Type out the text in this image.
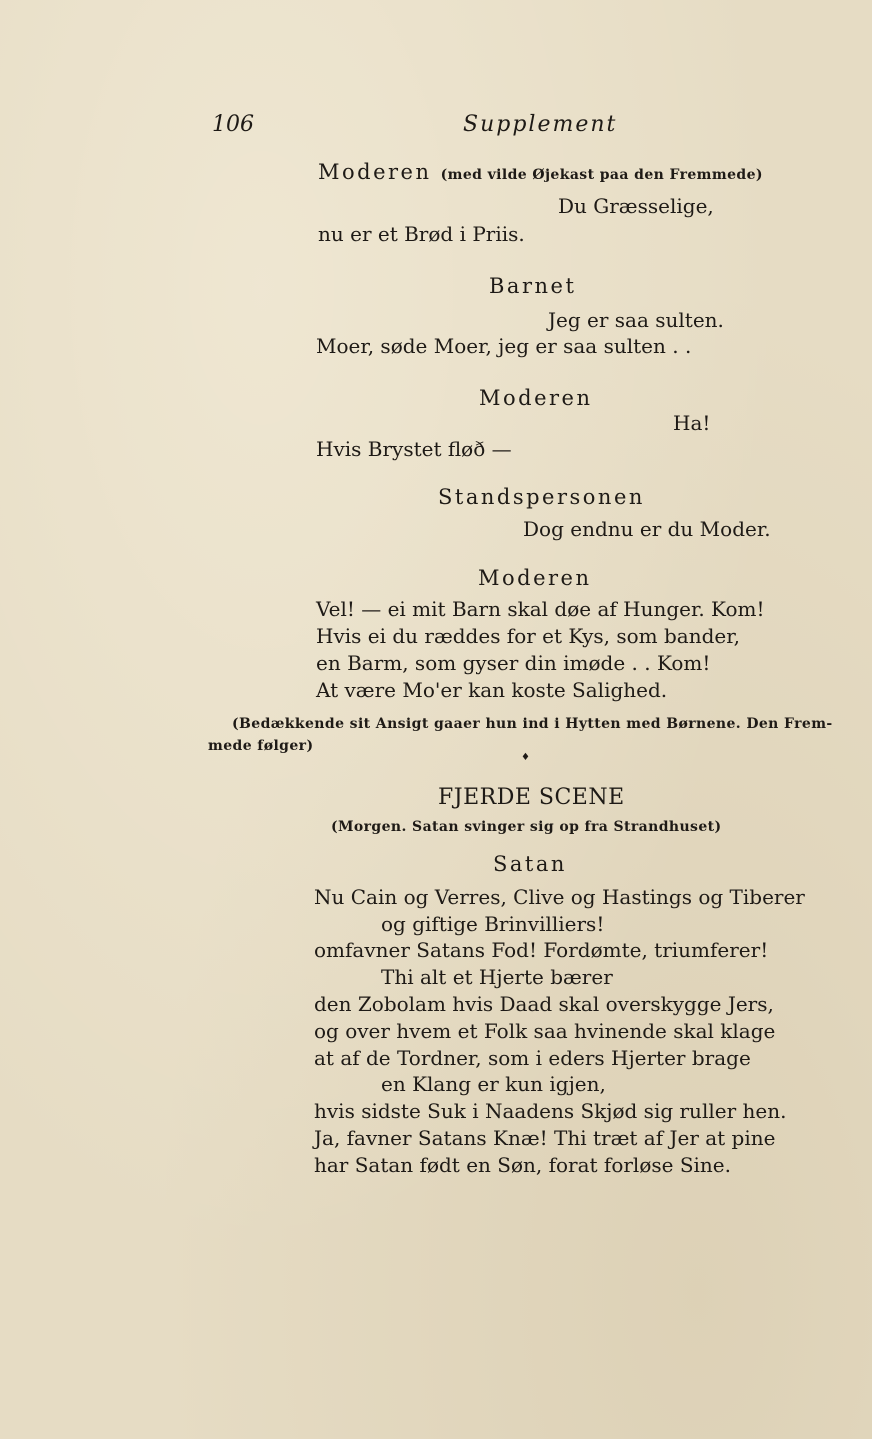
106	Supplement
Moderen (med vilde Øjekast paa den Fremmede)
Du Græsselige,
nu er et Brød i Priis.
Barnet
Jeg er saa sulten.
Moer, søde Moer, jeg er saa sulten . .
Moderen
Ha!
Hvis Brystet fløð —
Standspersonen
Dog endnu er du Moder.
Moderen
Vel! — ei mit Barn skal døe af Hunger. Kom!
Hvis ei du ræddes for et Kys, som bander,
en Barm, som gyser din imøde . . Kom!
At være Mo'er kan koste Salighed.
(Bedækkende sit Ansigt gaaer hun ind i Hytten med Børnene. Den Frem-
mede følger)
♦
FJERDE SCENE
(Morgen. Satan svinger sig op fra Strandhuset)
Satan
Nu Cain og Verres, Clive og Hastings og Tiberer
og giftige Brinvilliers!
omfavner Satans Fod! Fordømte, triumferer!
Thi alt et Hjerte bærer
den Zobolam hvis Daad skal overskygge Jers,
og over hvem et Folk saa hvinende skal klage
at af de Tordner, som i eders Hjerter brage
en Klang er kun igjen,
hvis sidste Suk i Naadens Skjød sig ruller hen.
Ja, favner Satans Knæ! Thi træt af Jer at pine
har Satan født en Søn, forat forløse Sine.
